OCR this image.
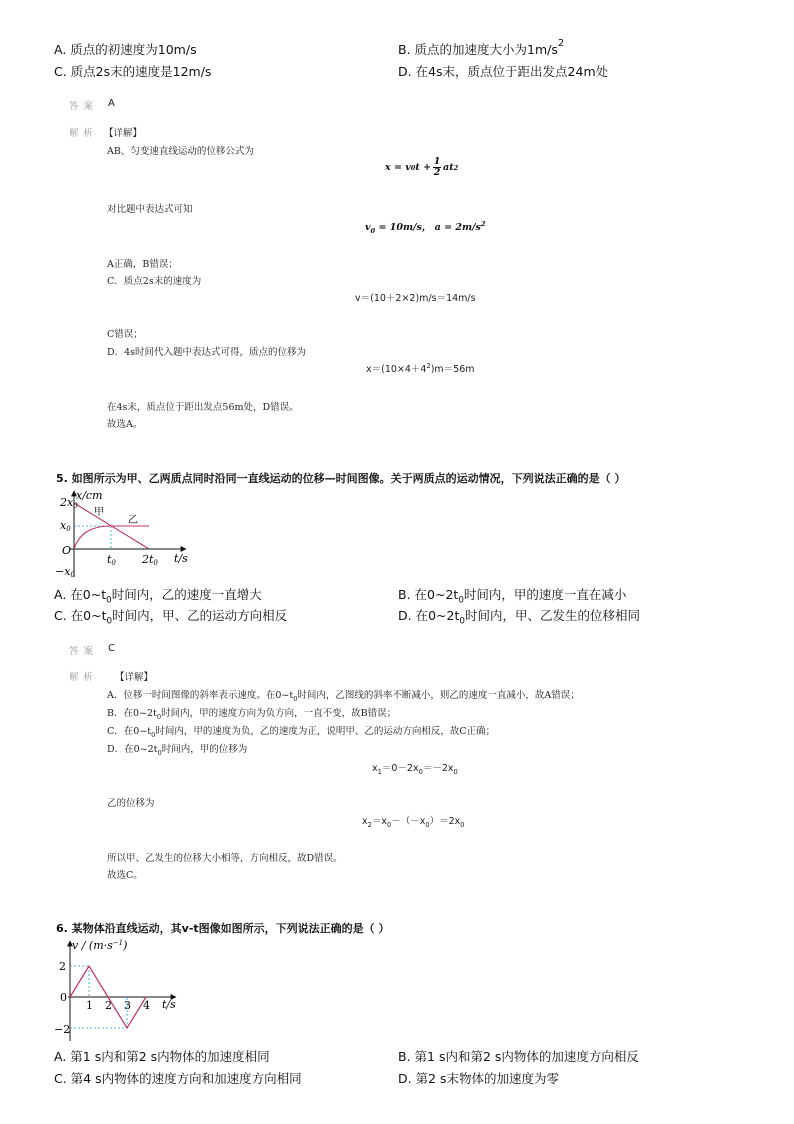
A. 质点的初速度为10m/s	B. 质点的加速度大小为$1m/s^2$
C. 质点2s末的速度是12m/s	D. 在4s末，质点位于距出发点24m处
答 案 A
解 析 【详解】
AB、匀变速直线运动的位移公式为
x = v 0 t +
1
2 at 2
对比题中表达式可知
$v_0 = 10m/s$， $a = 2m/s^2$
A正确，B错误；
C．质点2s末的速度为
v＝(10＋2×2)m/s＝14m/s
C错误；
D．4s时间代入题中表达式可得，质点的位移为
$x=(10\times 4+4^2)m=56m$
在4s末，质点位于距出发点56m处，D错误。
故选A。
5. 如图所示为甲、乙两质点同时沿同一直线运动的位移—时间图像。关于两质点的运动情况，下列说法正确的是（ ）
x/cm
2x0
x0
O
−x0
t0 2t0 t/s
甲
乙
A. 在$0\sim t_0$时间内，乙的速度一直增大	B. 在$0\sim 2t_0$时间内，甲的速度一直在减小
C. 在$0\sim t_0$时间内，甲、乙的运动方向相反	D. 在$0\sim 2t_0$时间内，甲、乙发生的位移相同
答 案 C
解 析 【详解】
A．位移一时间图像的斜率表示速度。在$0\sim t_0$时间内，乙图线的斜率不断减小，则乙的速度一直减小，故A错误；
B．在$0\sim 2t_0$时间内，甲的速度方向为负方向，一直不变，故B错误；
C．在$0\sim t_0$时间内，甲的速度为负，乙的速度为正，说明甲、乙的运动方向相反，故C正确；
D．在$0\sim 2t_0$时间内，甲的位移为
$x_1=0-2x_0=-2x_0$
乙的位移为
$x_2=x_0-(-x_0)=2x_0$
所以甲、乙发生的位移大小相等，方向相反，故D错误。
故选C。
6. 某物体沿直线运动，其v-t图像如图所示，下列说法正确的是（ ）
$v / (m\cdot s^{-1})$
2
0
−2
1 2 3 4 t/s
A. 第1 s内和第2 s内物体的加速度相同	B. 第1 s内和第2 s内物体的加速度方向相反
C. 第4 s内物体的速度方向和加速度方向相同	D. 第2 s末物体的加速度为零
